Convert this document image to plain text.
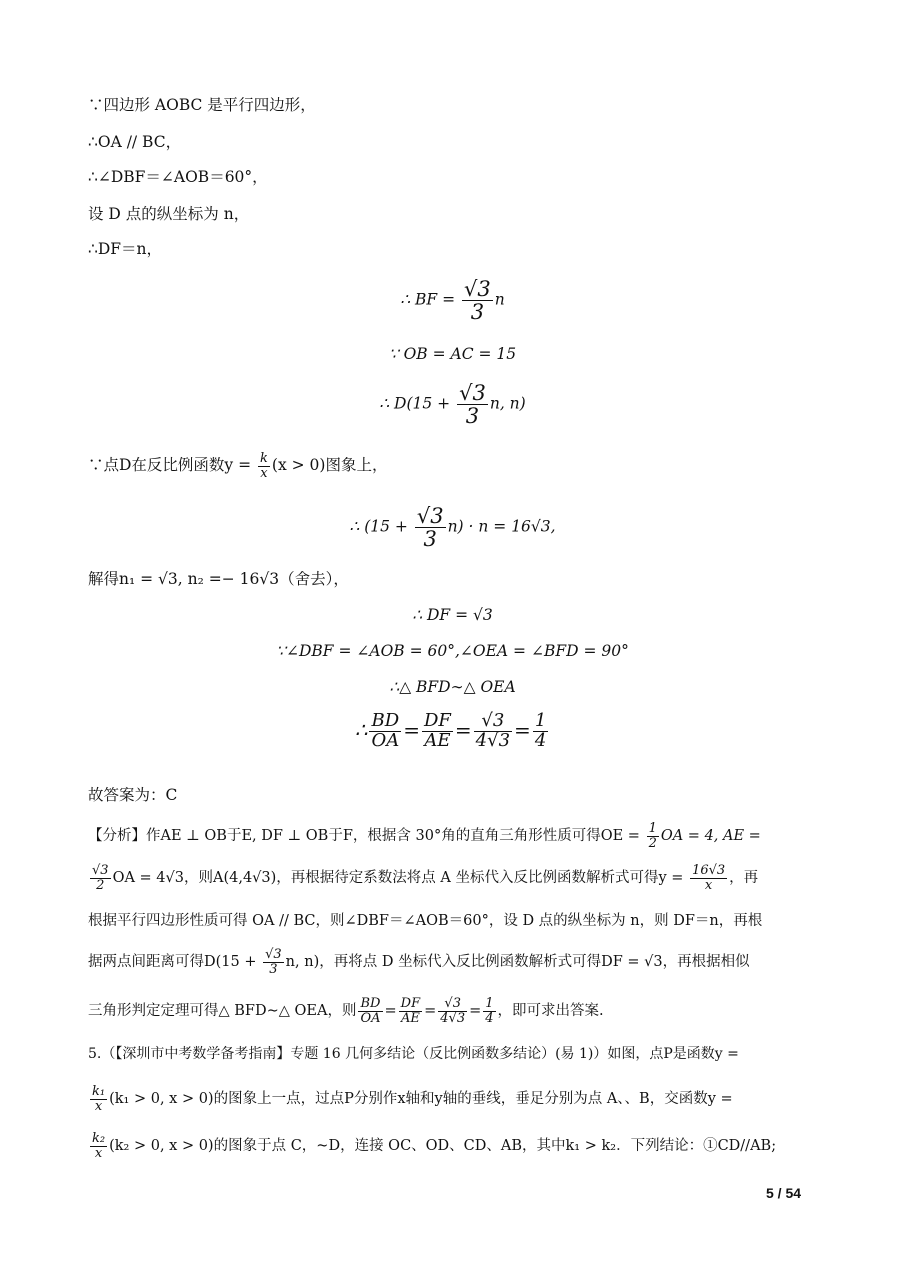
∵四边形 AOBC 是平行四边形，
∴OA // BC，
∴∠DBF＝∠AOB＝60°，
设 D 点的纵坐标为 n，
∴DF＝n，
∴ BF = $\frac{√3}{3}$ n
∵ OB = AC = 15
∴ $D(15 + \frac{√3}{3} n$, n)
∵点D在反比例函数$y = \frac{k}{x} (x > 0)$图象上，
∴ $(15 + \frac{√3}{3} n) \cdot n = 16√3$,
解得n₁ = √3, n₂ =− 16√3（舍去），
∴ DF = √3
∵∠DBF = ∠AOB = 60°,∠OEA = ∠BFD = 90°
∴△ BFD∼△ OEA
∴ $\frac{BD}{OA} = \frac{DF}{AE} = \frac{√3}{4√3} = \frac{1}{4}$
故答案为：C
【分析】作AE ⊥ OB于E, DF ⊥ OB于F，根据含 30°角的直角三角形性质可得OE = $\frac{1}{2}$ OA = 4, AE =
$\frac{√3}{2}$ OA = 4√3，则A(4,4√3)，再根据待定系数法将点 A 坐标代入反比例函数解析式可得$y = \frac{16√3}{x}$ ，再
根据平行四边形性质可得 OA // BC，则∠DBF＝∠AOB＝60°，设 D 点的纵坐标为 n，则 DF＝n，再根
据两点间距离可得$D(15 + \frac{√3}{3} n$, n)，再将点 D 坐标代入反比例函数解析式可得DF = √3，再根据相似
三角形判定定理可得△ BFD∼△ OEA，则 $\frac{BD}{OA} = \frac{DF}{AE} = \frac{√3}{4√3} = \frac{1}{4}$ ，即可求出答案.
5.（【深圳市中考数学备考指南】专题 16 几何多结论（反比例函数多结论）(易 1)）如图，点P是函数y =
$\frac{\text{k₁}}{x} (k_1 > 0$, x > 0)的图象上一点，过点P分别作x轴和y轴的垂线，垂足分别为点 A、、B，交函数y =
$\frac{\text{k₂}}{x} (k_2 > 0$, x > 0)的图象于点 C，~D，连接 OC、OD、CD、AB，其中k₁ > k₂．下列结论：①CD//AB;
5 / 54
